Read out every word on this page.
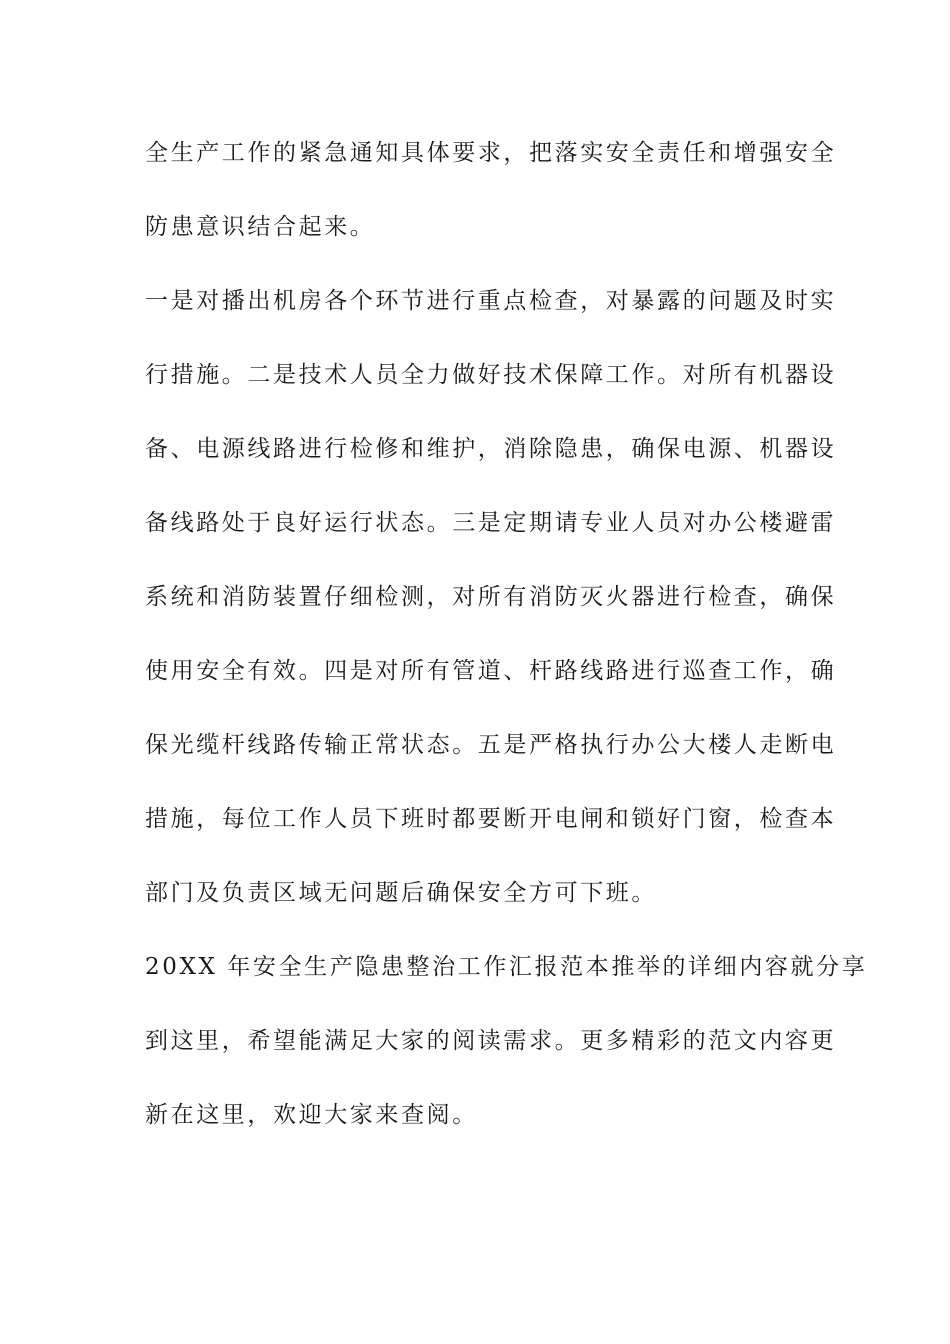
全生产工作的紧急通知具体要求，把落实安全责任和增强安全
防患意识结合起来。
一是对播出机房各个环节进行重点检查，对暴露的问题及时实
行措施。二是技术人员全力做好技术保障工作。对所有机器设
备、电源线路进行检修和维护，消除隐患，确保电源、机器设
备线路处于良好运行状态。三是定期请专业人员对办公楼避雷
系统和消防装置仔细检测，对所有消防灭火器进行检查，确保
使用安全有效。四是对所有管道、杆路线路进行巡查工作，确
保光缆杆线路传输正常状态。五是严格执行办公大楼人走断电
措施，每位工作人员下班时都要断开电闸和锁好门窗，检查本
部门及负责区域无问题后确保安全方可下班。
20XX 年安全生产隐患整治工作汇报范本推举的详细内容就分享
到这里，希望能满足大家的阅读需求。更多精彩的范文内容更
新在这里，欢迎大家来查阅。
